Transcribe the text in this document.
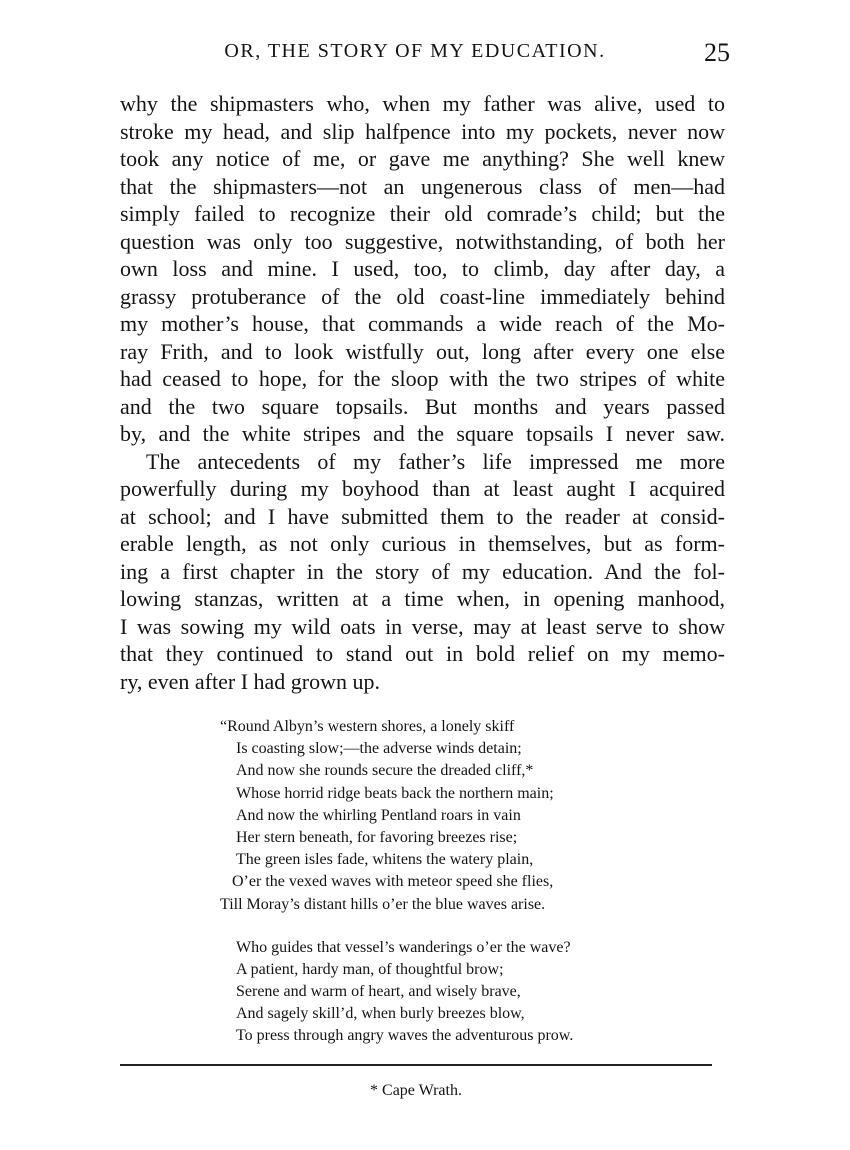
OR, THE STORY OF MY EDUCATION.	25
why the shipmasters who, when my father was alive, used to
stroke my head, and slip halfpence into my pockets, never now
took any notice of me, or gave me anything? She well knew
that the shipmasters—not an ungenerous class of men—had
simply failed to recognize their old comrade’s child; but the
question was only too suggestive, notwithstanding, of both her
own loss and mine. I used, too, to climb, day after day, a
grassy protuberance of the old coast-line immediately behind
my mother’s house, that commands a wide reach of the Mo-
ray Frith, and to look wistfully out, long after every one else
had ceased to hope, for the sloop with the two stripes of white
and the two square topsails. But months and years passed
by, and the white stripes and the square topsails I never saw.
The antecedents of my father’s life impressed me more
powerfully during my boyhood than at least aught I acquired
at school; and I have submitted them to the reader at consid-
erable length, as not only curious in themselves, but as form-
ing a first chapter in the story of my education. And the fol-
lowing stanzas, written at a time when, in opening manhood,
I was sowing my wild oats in verse, may at least serve to show
that they continued to stand out in bold relief on my memo-
ry, even after I had grown up.
“Round Albyn’s western shores, a lonely skiff
Is coasting slow;—the adverse winds detain;
And now she rounds secure the dreaded cliff,*
Whose horrid ridge beats back the northern main;
And now the whirling Pentland roars in vain
Her stern beneath, for favoring breezes rise;
The green isles fade, whitens the watery plain,
O’er the vexed waves with meteor speed she flies,
Till Moray’s distant hills o’er the blue waves arise.
Who guides that vessel’s wanderings o’er the wave?
A patient, hardy man, of thoughtful brow;
Serene and warm of heart, and wisely brave,
And sagely skill’d, when burly breezes blow,
To press through angry waves the adventurous prow.
* Cape Wrath.
